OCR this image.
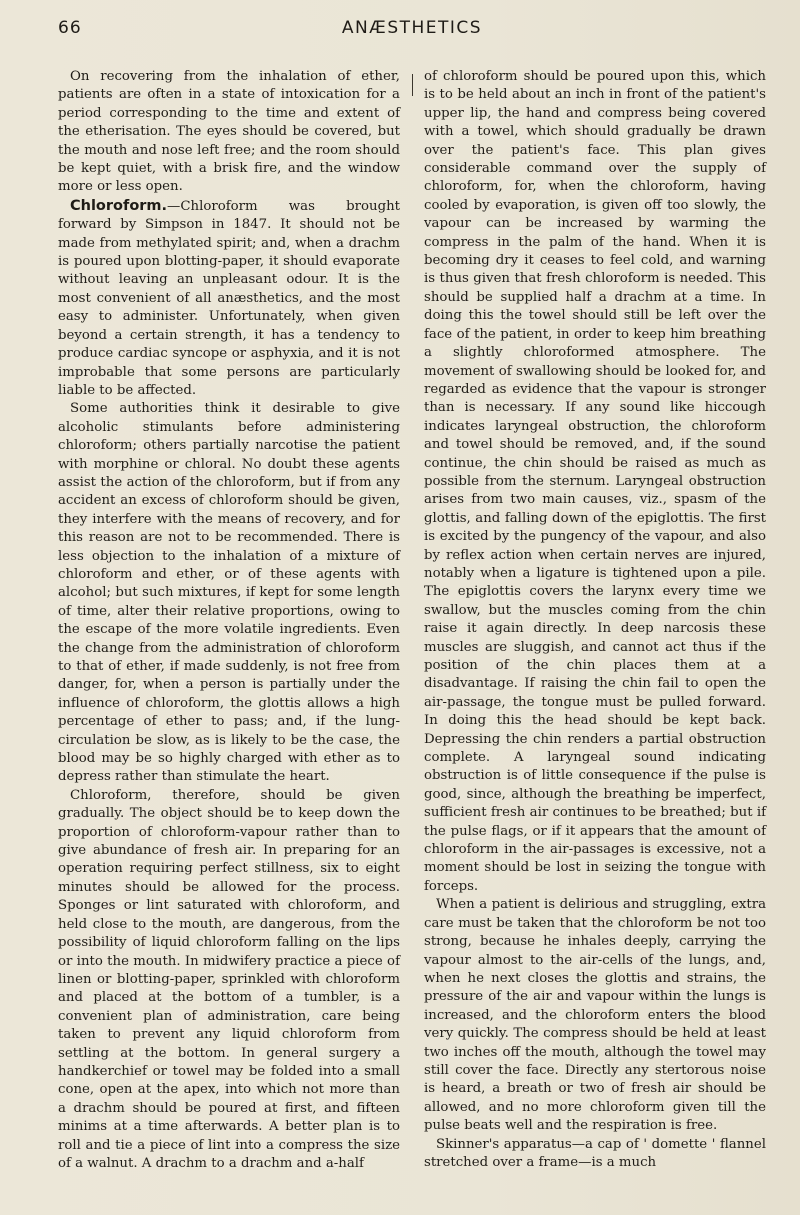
66	ANÆSTHETICS

On recovering from the inhalation of ether, patients are often in a state of intoxication for a period corresponding to the time and extent of the etherisation. The eyes should be covered, but the mouth and nose left free; and the room should be kept quiet, with a brisk fire, and the window more or less open.

Chloroform.—Chloroform was brought forward by Simpson in 1847. It should not be made from methylated spirit; and, when a drachm is poured upon blotting-paper, it should evaporate without leaving an unpleasant odour. It is the most convenient of all anæsthetics, and the most easy to administer. Unfortunately, when given beyond a certain strength, it has a tendency to produce cardiac syncope or asphyxia, and it is not improbable that some persons are particularly liable to be affected.

Some authorities think it desirable to give alcoholic stimulants before administering chloroform; others partially narcotise the patient with morphine or chloral. No doubt these agents assist the action of the chloroform, but if from any accident an excess of chloroform should be given, they interfere with the means of recovery, and for this reason are not to be recommended. There is less objection to the inhalation of a mixture of chloroform and ether, or of these agents with alcohol; but such mixtures, if kept for some length of time, alter their relative proportions, owing to the escape of the more volatile ingredients. Even the change from the administration of chloroform to that of ether, if made suddenly, is not free from danger, for, when a person is partially under the influence of chloroform, the glottis allows a high percentage of ether to pass; and, if the lung-circulation be slow, as is likely to be the case, the blood may be so highly charged with ether as to depress rather than stimulate the heart.

Chloroform, therefore, should be given gradually. The object should be to keep down the proportion of chloroform-vapour rather than to give abundance of fresh air. In preparing for an operation requiring perfect stillness, six to eight minutes should be allowed for the process. Sponges or lint saturated with chloroform, and held close to the mouth, are dangerous, from the possibility of liquid chloroform falling on the lips or into the mouth. In midwifery practice a piece of linen or blotting-paper, sprinkled with chloroform and placed at the bottom of a tumbler, is a convenient plan of administration, care being taken to prevent any liquid chloroform from settling at the bottom. In general surgery a handkerchief or towel may be folded into a small cone, open at the apex, into which not more than a drachm should be poured at first, and fifteen minims at a time afterwards. A better plan is to roll and tie a piece of lint into a compress the size of a walnut. A drachm to a drachm and a-half

of chloroform should be poured upon this, which is to be held about an inch in front of the patient's upper lip, the hand and compress being covered with a towel, which should gradually be drawn over the patient's face. This plan gives considerable command over the supply of chloroform, for, when the chloroform, having cooled by evaporation, is given off too slowly, the vapour can be increased by warming the compress in the palm of the hand. When it is becoming dry it ceases to feel cold, and warning is thus given that fresh chloroform is needed. This should be supplied half a drachm at a time. In doing this the towel should still be left over the face of the patient, in order to keep him breathing a slightly chloroformed atmosphere. The movement of swallowing should be looked for, and regarded as evidence that the vapour is stronger than is necessary. If any sound like hiccough indicates laryngeal obstruction, the chloroform and towel should be removed, and, if the sound continue, the chin should be raised as much as possible from the sternum. Laryngeal obstruction arises from two main causes, viz., spasm of the glottis, and falling down of the epiglottis. The first is excited by the pungency of the vapour, and also by reflex action when certain nerves are injured, notably when a ligature is tightened upon a pile. The epiglottis covers the larynx every time we swallow, but the muscles coming from the chin raise it again directly. In deep narcosis these muscles are sluggish, and cannot act thus if the position of the chin places them at a disadvantage. If raising the chin fail to open the air-passage, the tongue must be pulled forward. In doing this the head should be kept back. Depressing the chin renders a partial obstruction complete. A laryngeal sound indicating obstruction is of little consequence if the pulse is good, since, although the breathing be imperfect, sufficient fresh air continues to be breathed; but if the pulse flags, or if it appears that the amount of chloroform in the air-passages is excessive, not a moment should be lost in seizing the tongue with forceps.

When a patient is delirious and struggling, extra care must be taken that the chloroform be not too strong, because he inhales deeply, carrying the vapour almost to the air-cells of the lungs, and, when he next closes the glottis and strains, the pressure of the air and vapour within the lungs is increased, and the chloroform enters the blood very quickly. The compress should be held at least two inches off the mouth, although the towel may still cover the face. Directly any stertorous noise is heard, a breath or two of fresh air should be allowed, and no more chloroform given till the pulse beats well and the respiration is free.

Skinner's apparatus—a cap of ' domette ' flannel stretched over a frame—is a much
